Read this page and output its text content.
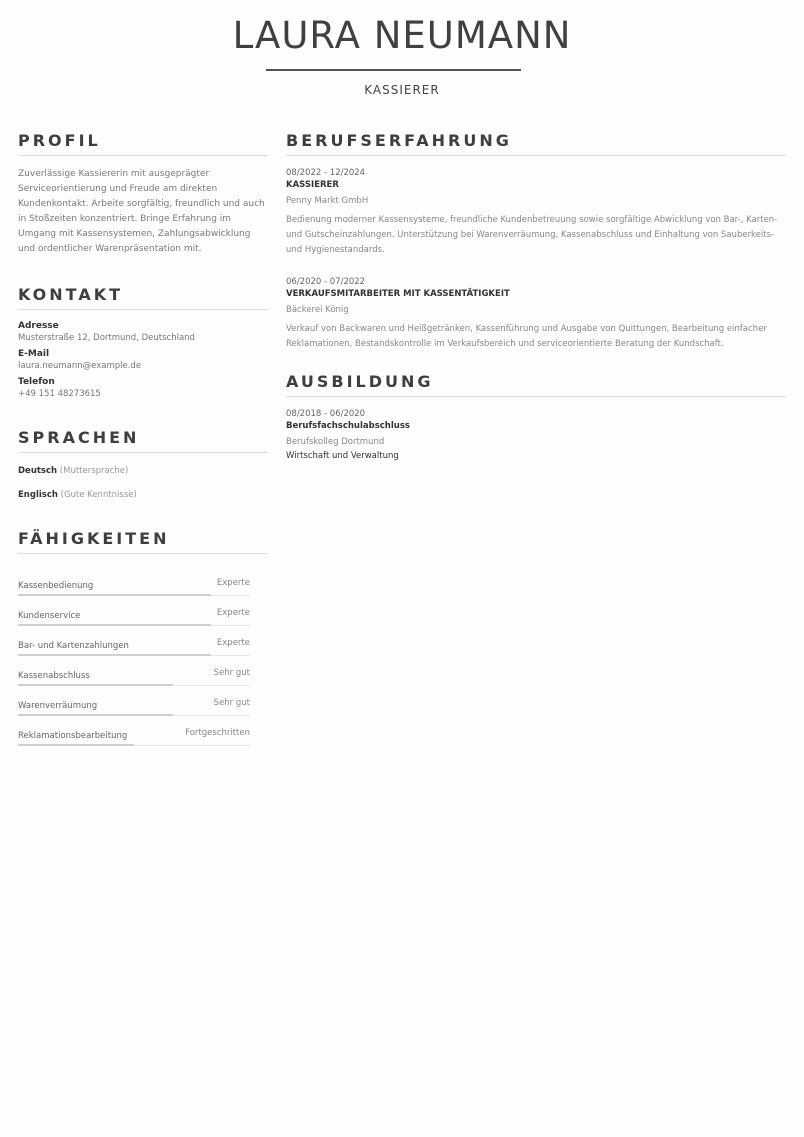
LAURA NEUMANN
KASSIERER
PROFIL
Zuverlässige Kassiererin mit ausgeprägter Serviceorientierung und Freude am direkten Kundenkontakt. Arbeite sorgfältig, freundlich und auch in Stoßzeiten konzentriert. Bringe Erfahrung im Umgang mit Kassensystemen, Zahlungsabwicklung und ordentlicher Warenpräsentation mit.
KONTAKT
Adresse
Musterstraße 12, Dortmund, Deutschland
E-Mail
laura.neumann@example.de
Telefon
+49 151 48273615
SPRACHEN
Deutsch (Muttersprache)
Englisch (Gute Kenntnisse)
FÄHIGKEITEN
Kassenbedienung	Experte
Kundenservice	Experte
Bar- und Kartenzahlungen	Experte
Kassenabschluss	Sehr gut
Warenverräumung	Sehr gut
Reklamationsbearbeitung	Fortgeschritten
BERUFSERFAHRUNG
08/2022 - 12/2024
KASSIERER
Penny Markt GmbH
Bedienung moderner Kassensysteme, freundliche Kundenbetreuung sowie sorgfältige Abwicklung von Bar-, Karten- und Gutscheinzahlungen. Unterstützung bei Warenverräumung, Kassenabschluss und Einhaltung von Sauberkeits- und Hygienestandards.
06/2020 - 07/2022
VERKAUFSMITARBEITER MIT KASSENTÄTIGKEIT
Bäckerei König
Verkauf von Backwaren und Heißgetränken, Kassenführung und Ausgabe von Quittungen, Bearbeitung einfacher Reklamationen, Bestandskontrolle im Verkaufsbereich und serviceorientierte Beratung der Kundschaft.
AUSBILDUNG
08/2018 - 06/2020
Berufsfachschulabschluss
Berufskolleg Dortmund
Wirtschaft und Verwaltung
